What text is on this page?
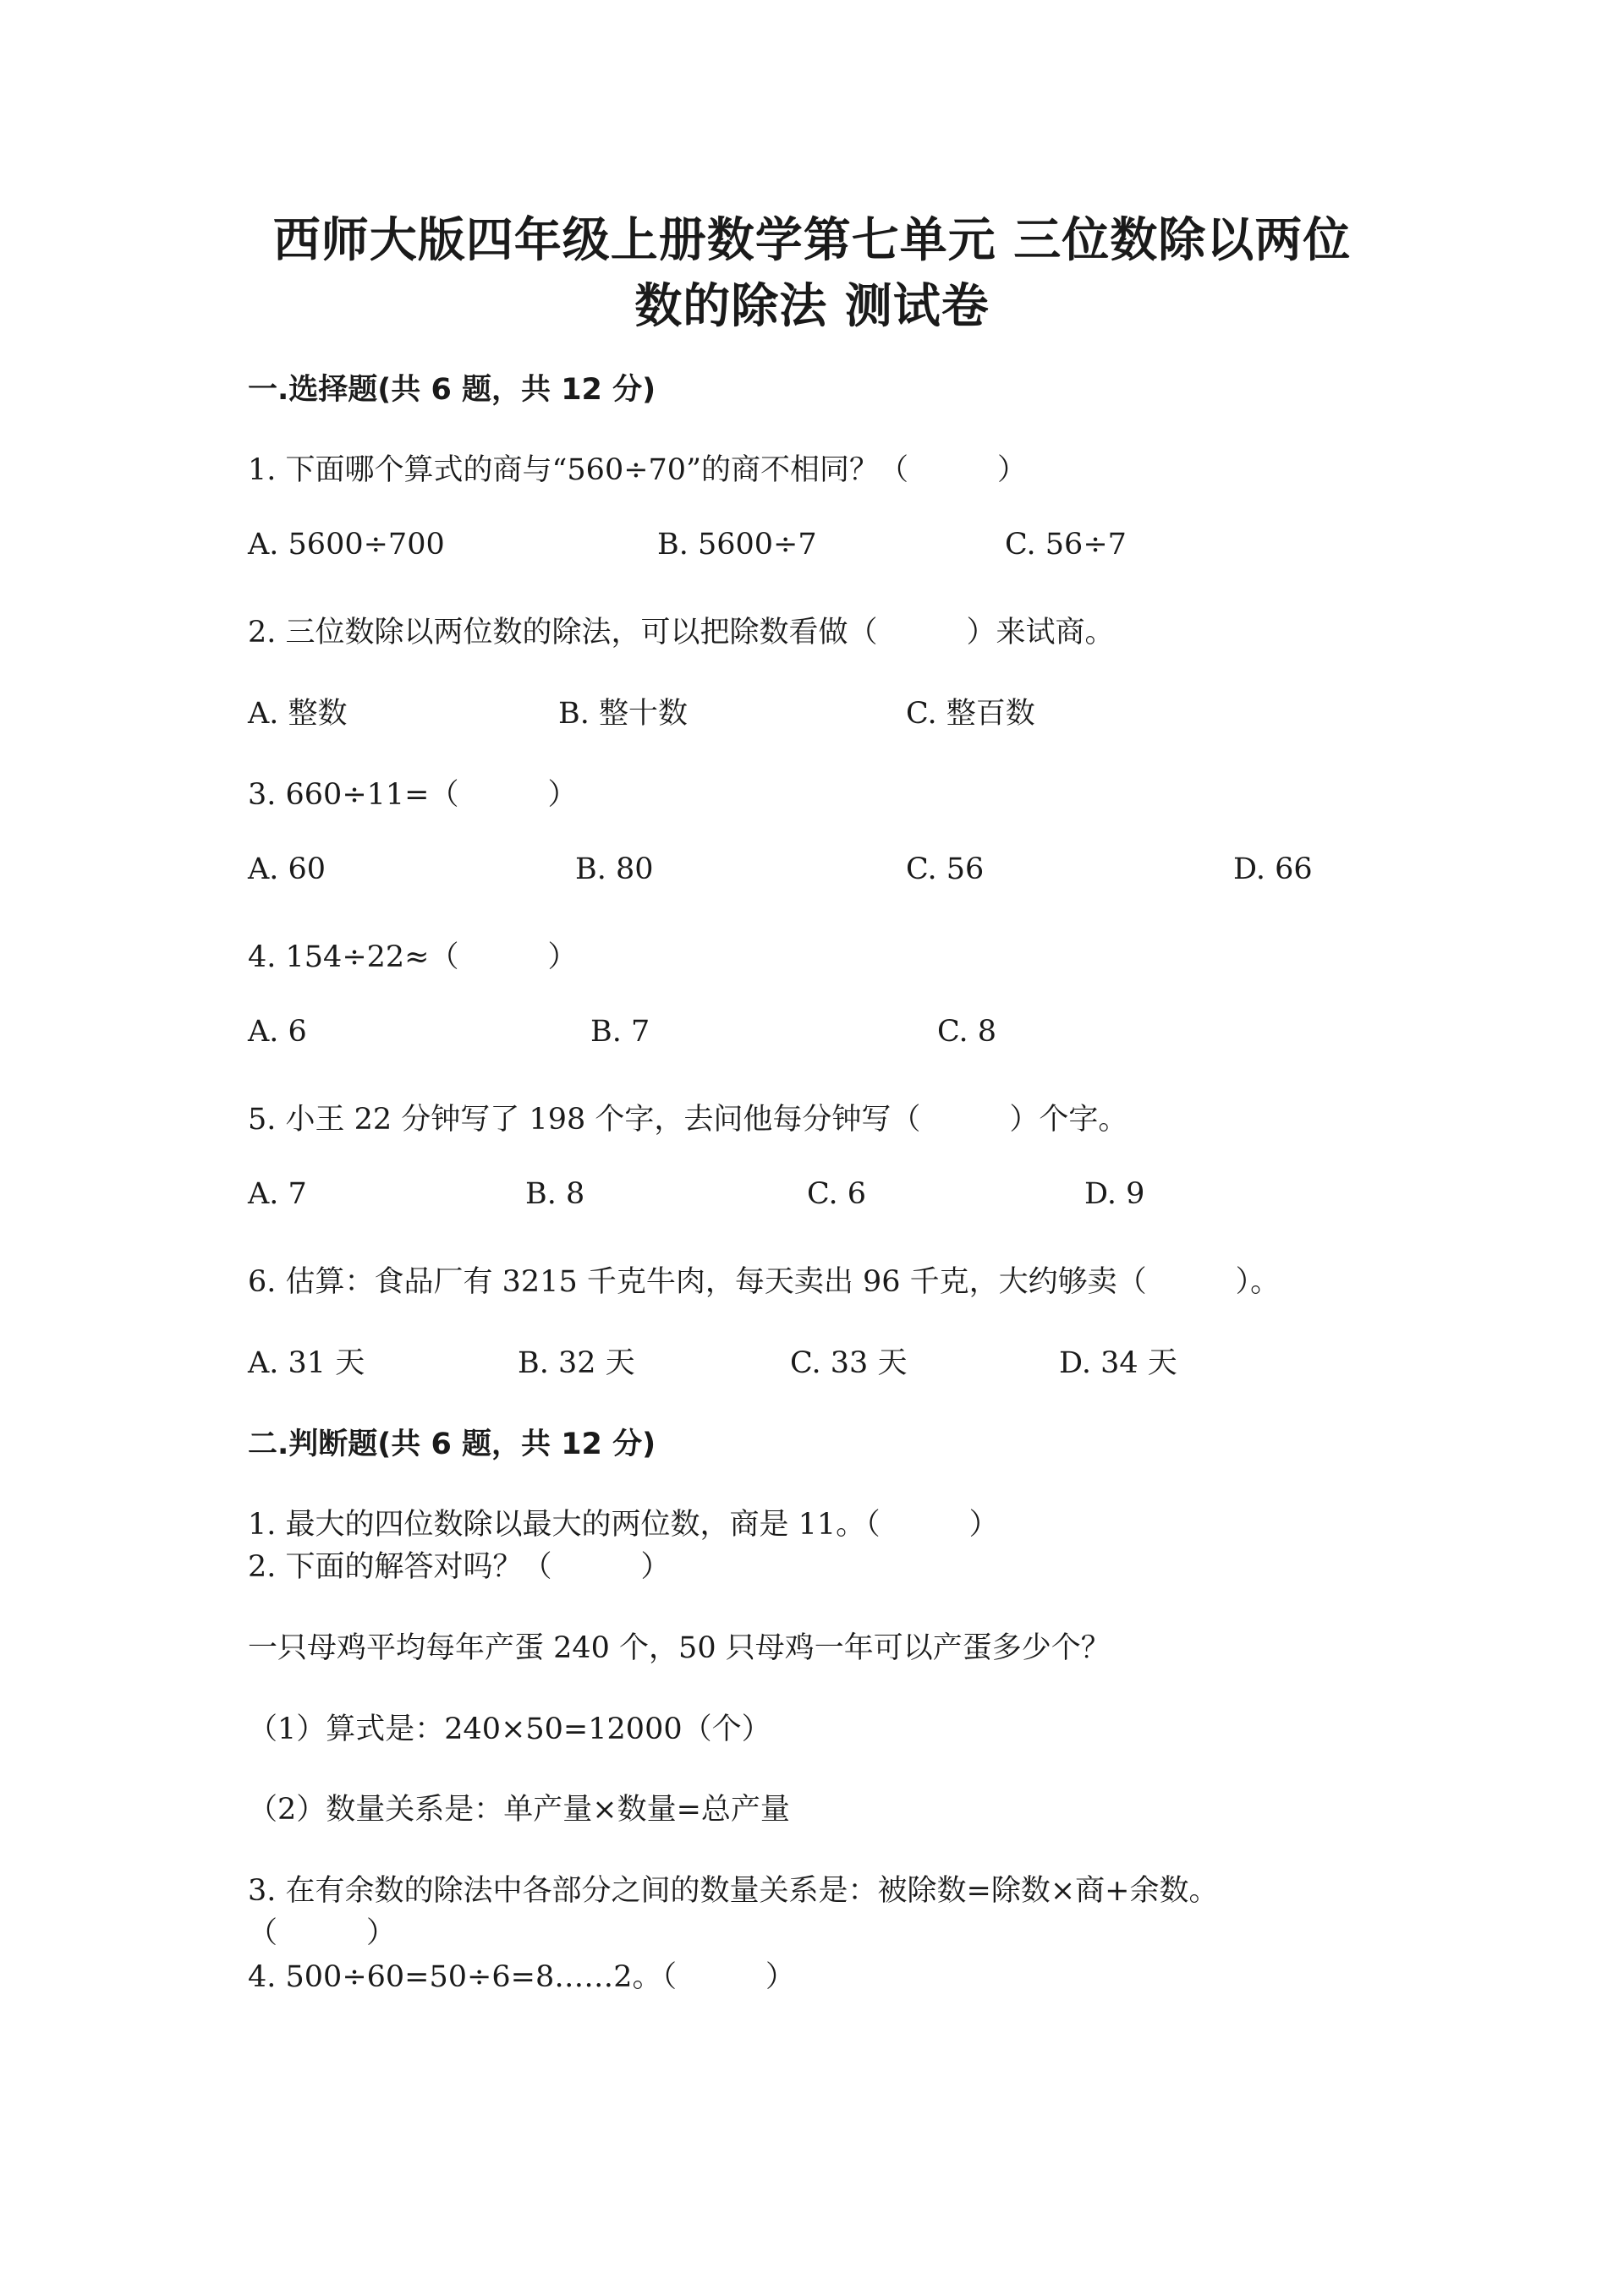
西师大版四年级上册数学第七单元 三位数除以两位
数的除法 测试卷
一.选择题(共 6 题，共 12 分)
1. 下面哪个算式的商与“560÷70”的商不相同？（　　　）
A. 5600÷700	B. 5600÷7	C. 56÷7
2. 三位数除以两位数的除法，可以把除数看做（　　　）来试商。
A. 整数	B. 整十数	C. 整百数
3. 660÷11=（　　　）
A. 60	B. 80	C. 56	D. 66
4. 154÷22≈（　　　）
A. 6	B. 7	C. 8
5. 小王 22 分钟写了 198 个字，去问他每分钟写（　　　）个字。
A. 7	B. 8	C. 6	D. 9
6. 估算：食品厂有 3215 千克牛肉，每天卖出 96 千克，大约够卖（　　　）。
A. 31 天	B. 32 天	C. 33 天	D. 34 天
二.判断题(共 6 题，共 12 分)
1. 最大的四位数除以最大的两位数，商是 11。（　　　）
2. 下面的解答对吗？（　　　）
一只母鸡平均每年产蛋 240 个，50 只母鸡一年可以产蛋多少个？
（1）算式是：240×50=12000（个）
（2）数量关系是：单产量×数量=总产量
3. 在有余数的除法中各部分之间的数量关系是：被除数=除数×商+余数。
（　　　）
4. 500÷60=50÷6=8……2。（　　　）
